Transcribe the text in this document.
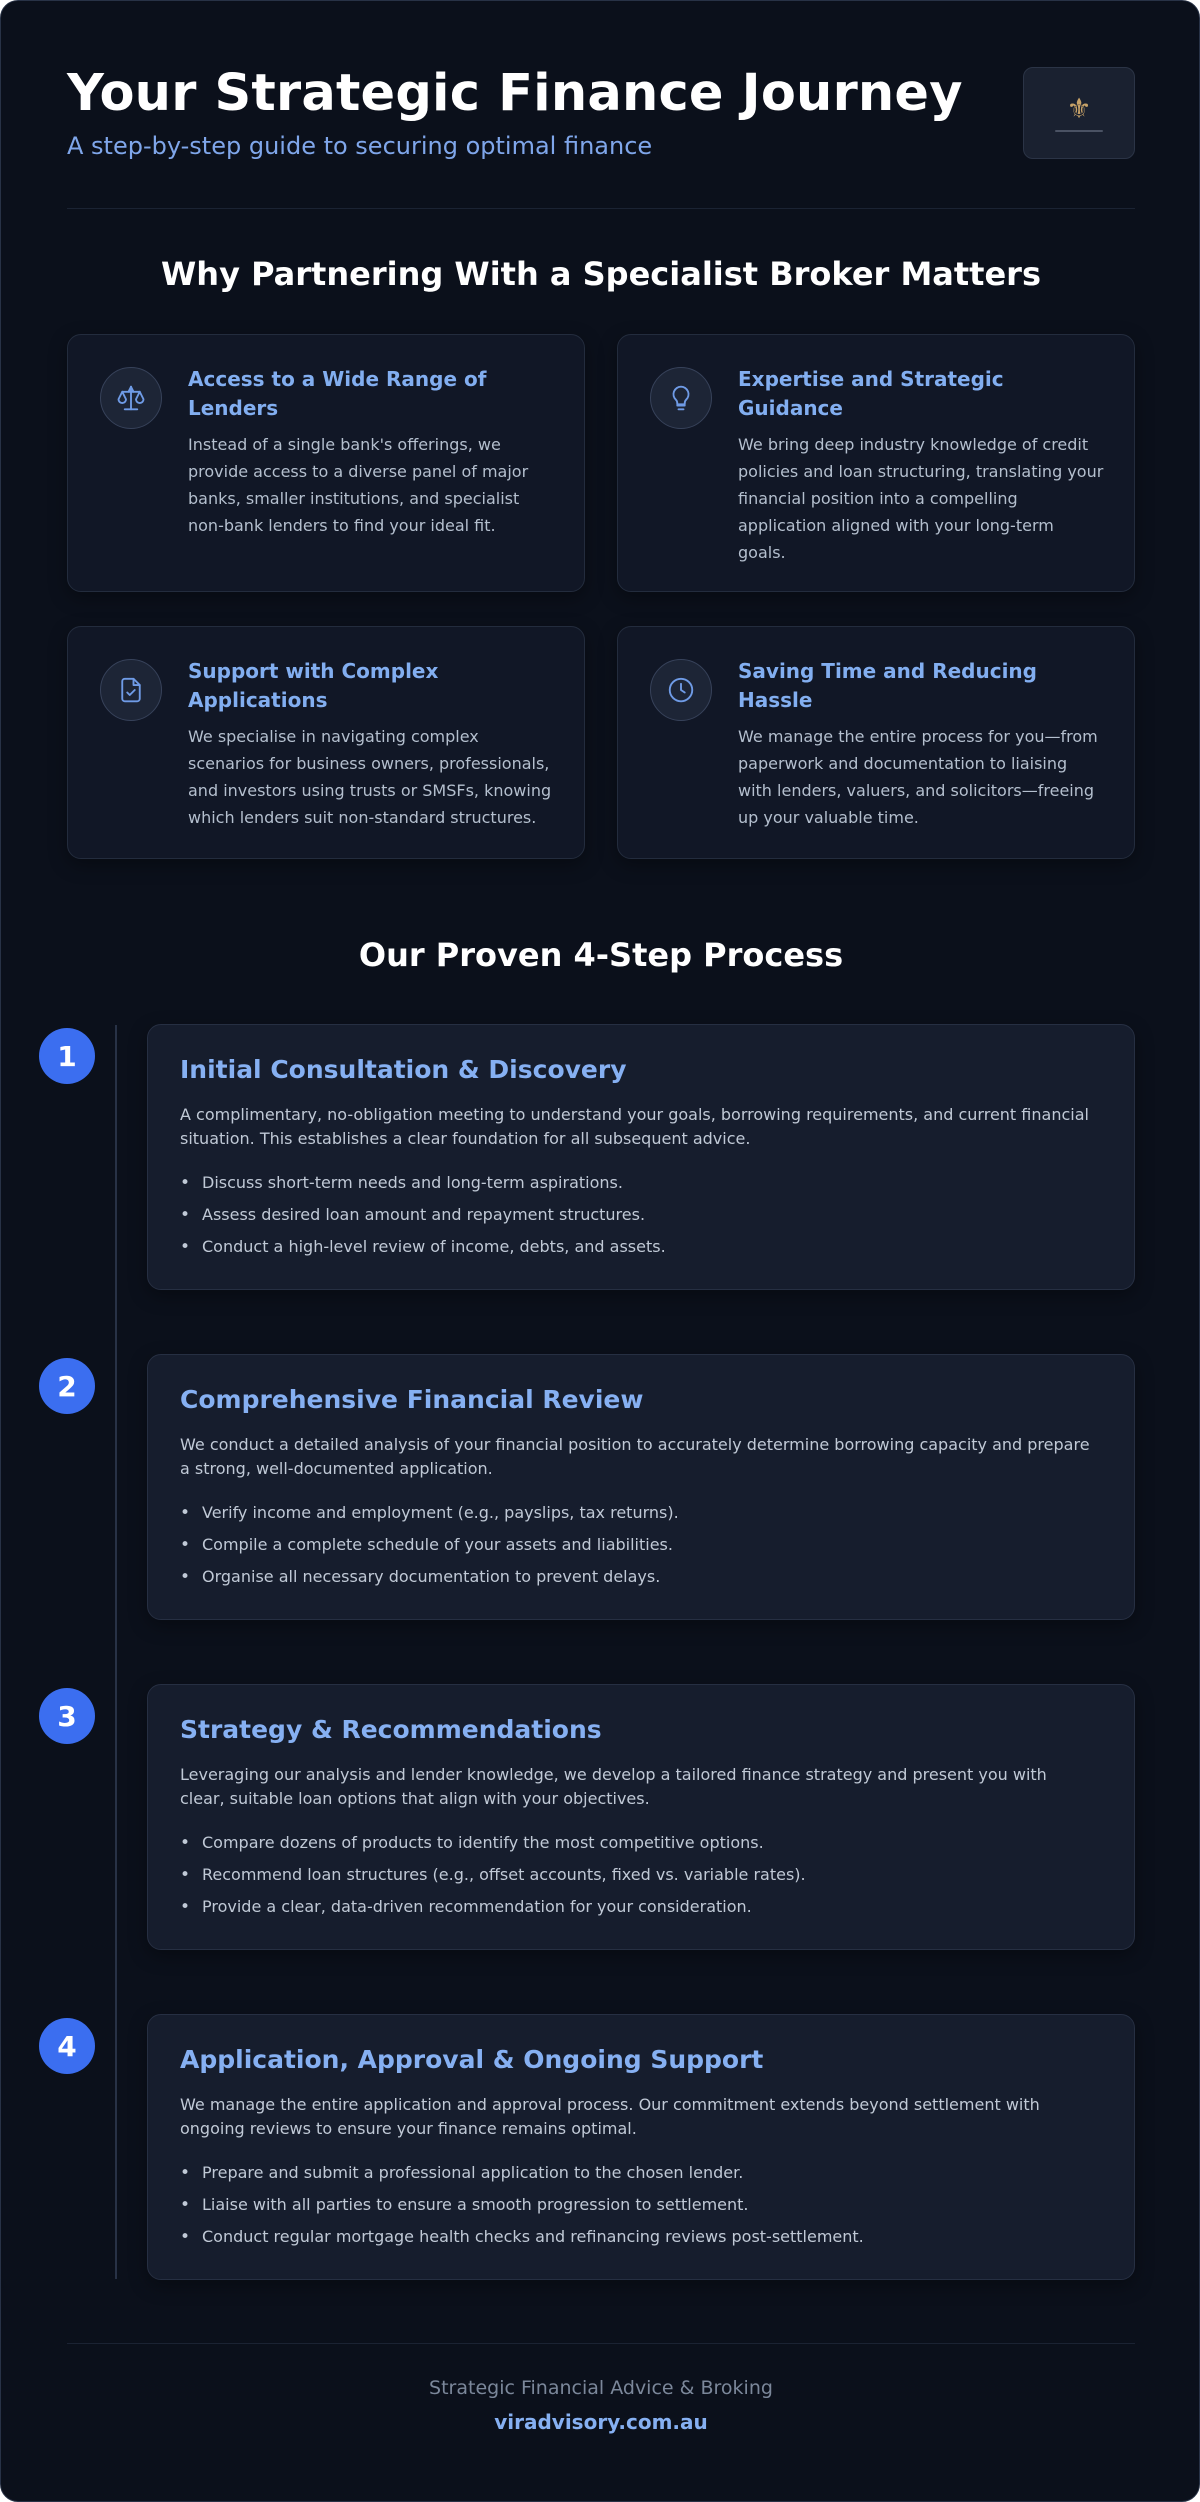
Your Strategic Finance Journey
A step-by-step guide to securing optimal finance
⚜
Why Partnering With a Specialist Broker Matters
Access to a Wide Range of Lenders
Instead of a single bank's offerings, we provide access to a diverse panel of major banks, smaller institutions, and specialist non-bank lenders to find your ideal fit.
Expertise and Strategic Guidance
We bring deep industry knowledge of credit policies and loan structuring, translating your financial position into a compelling application aligned with your long-term goals.
Support with Complex Applications
We specialise in navigating complex scenarios for business owners, professionals, and investors using trusts or SMSFs, knowing which lenders suit non-standard structures.
Saving Time and Reducing Hassle
We manage the entire process for you—from paperwork and documentation to liaising with lenders, valuers, and solicitors—freeing up your valuable time.
Our Proven 4-Step Process
1	Initial Consultation & Discovery
A complimentary, no-obligation meeting to understand your goals, borrowing requirements, and current financial situation. This establishes a clear foundation for all subsequent advice.
• Discuss short-term needs and long-term aspirations.
• Assess desired loan amount and repayment structures.
• Conduct a high-level review of income, debts, and assets.
2	Comprehensive Financial Review
We conduct a detailed analysis of your financial position to accurately determine borrowing capacity and prepare a strong, well-documented application.
• Verify income and employment (e.g., payslips, tax returns).
• Compile a complete schedule of your assets and liabilities.
• Organise all necessary documentation to prevent delays.
3	Strategy & Recommendations
Leveraging our analysis and lender knowledge, we develop a tailored finance strategy and present you with clear, suitable loan options that align with your objectives.
• Compare dozens of products to identify the most competitive options.
• Recommend loan structures (e.g., offset accounts, fixed vs. variable rates).
• Provide a clear, data-driven recommendation for your consideration.
4	Application, Approval & Ongoing Support
We manage the entire application and approval process. Our commitment extends beyond settlement with ongoing reviews to ensure your finance remains optimal.
• Prepare and submit a professional application to the chosen lender.
• Liaise with all parties to ensure a smooth progression to settlement.
• Conduct regular mortgage health checks and refinancing reviews post-settlement.
Strategic Financial Advice & Broking
viradvisory.com.au
